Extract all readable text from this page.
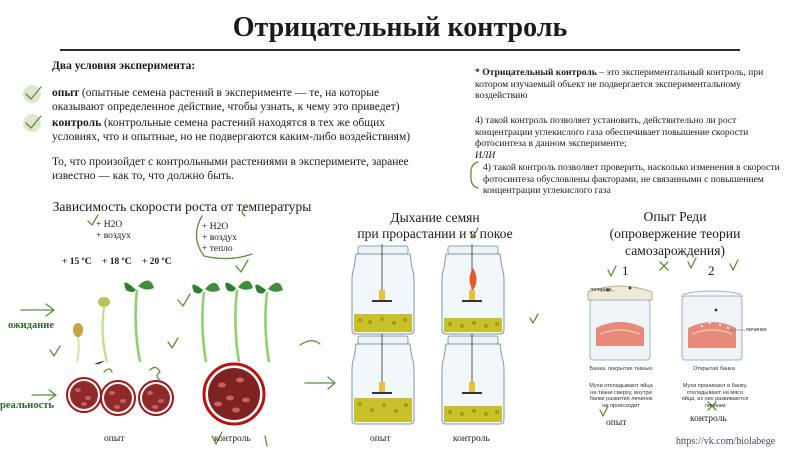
Отрицательный контроль
Два условия эксперимента:
опыт (опытные семена растений в эксперименте — те, на которые
оказывают определенное действие, чтобы узнать, к чему это приведет)
контроль (контрольные семена растений находятся в тех же общих
условиях, что и опытные, но не подвергаются каким-либо воздействиям)
То, что произойдет с контрольными растениями в эксперименте, заранее
известно — как то, что должно быть.
* Отрицательный контроль – это экспериментальный контроль, при
котором изучаемый объект не подвергается экспериментальному
воздействию
4) такой контроль позволяет установить, действительно ли рост
концентрации углекислого газа обеспечивает повышение скорости
фотосинтеза в данном эксперименте;
ИЛИ
4) такой контроль позволяет проверить, насколько изменения в скорости
фотосинтеза обусловлены факторами, не связанными с повышением
концентрации углекислого газа
Зависимость скорости роста от температуры
+ H2O
+ воздух
+ H2O
+ воздух
+ тепло
+ 15 ºC + 18 ºC + 20 ºC
ожидание
реальность
опыт	контроль
Дыхание семян
при прорастании и в покое
опыт	контроль
Опыт Реди
(опровержение теории самозарождения)
1	2
личинки
личинки
Банка, покрытая тканью	Открытая банка
Мухи откладывают яйца на ткани сверху, внутри банки развития личинок не происходит
Мухи проникают в банку, откладывают на мясо яйца, из них развиваются личинки
опыт	контроль
https://vk.com/biolabege
